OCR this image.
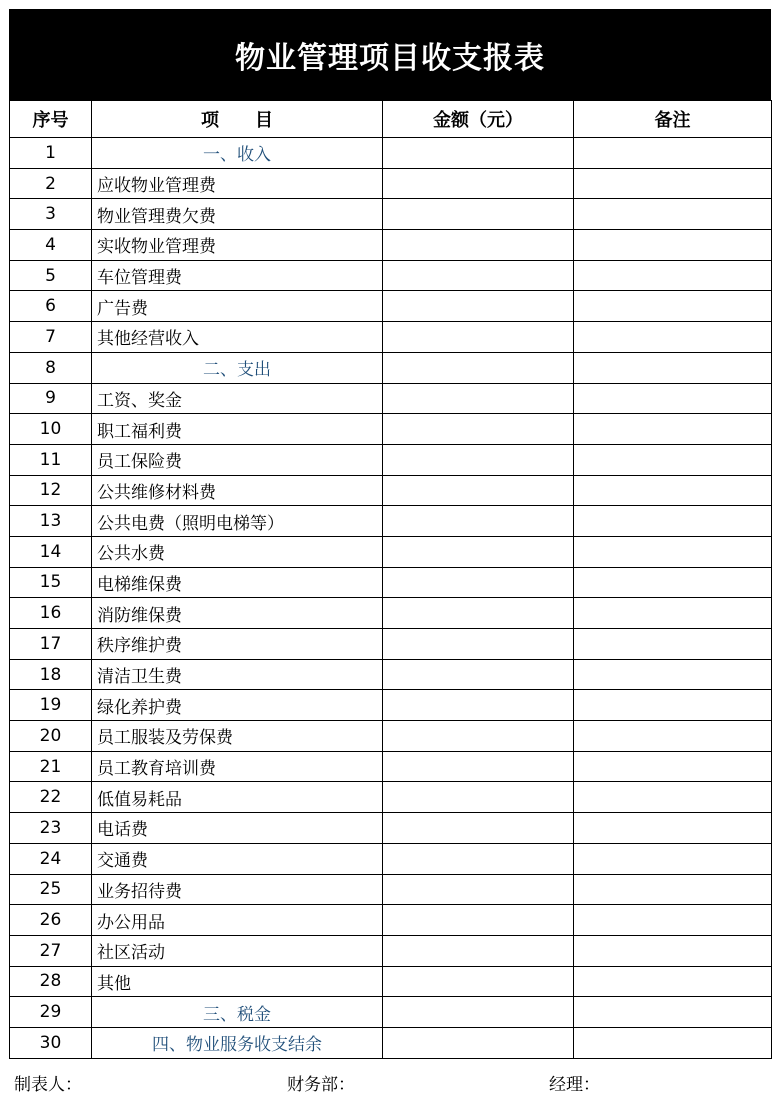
物业管理项目收支报表
序号	项　　目	金额（元）	备注
1	一、收入		
2	应收物业管理费		
3	物业管理费欠费		
4	实收物业管理费		
5	车位管理费		
6	广告费		
7	其他经营收入		
8	二、支出		
9	工资、奖金		
10	职工福利费		
11	员工保险费		
12	公共维修材料费		
13	公共电费（照明电梯等）		
14	公共水费		
15	电梯维保费		
16	消防维保费		
17	秩序维护费		
18	清洁卫生费		
19	绿化养护费		
20	员工服装及劳保费		
21	员工教育培训费		
22	低值易耗品		
23	电话费		
24	交通费		
25	业务招待费		
26	办公用品		
27	社区活动		
28	其他		
29	三、税金		
30	四、物业服务收支结余		
制表人：	财务部：	经理：
